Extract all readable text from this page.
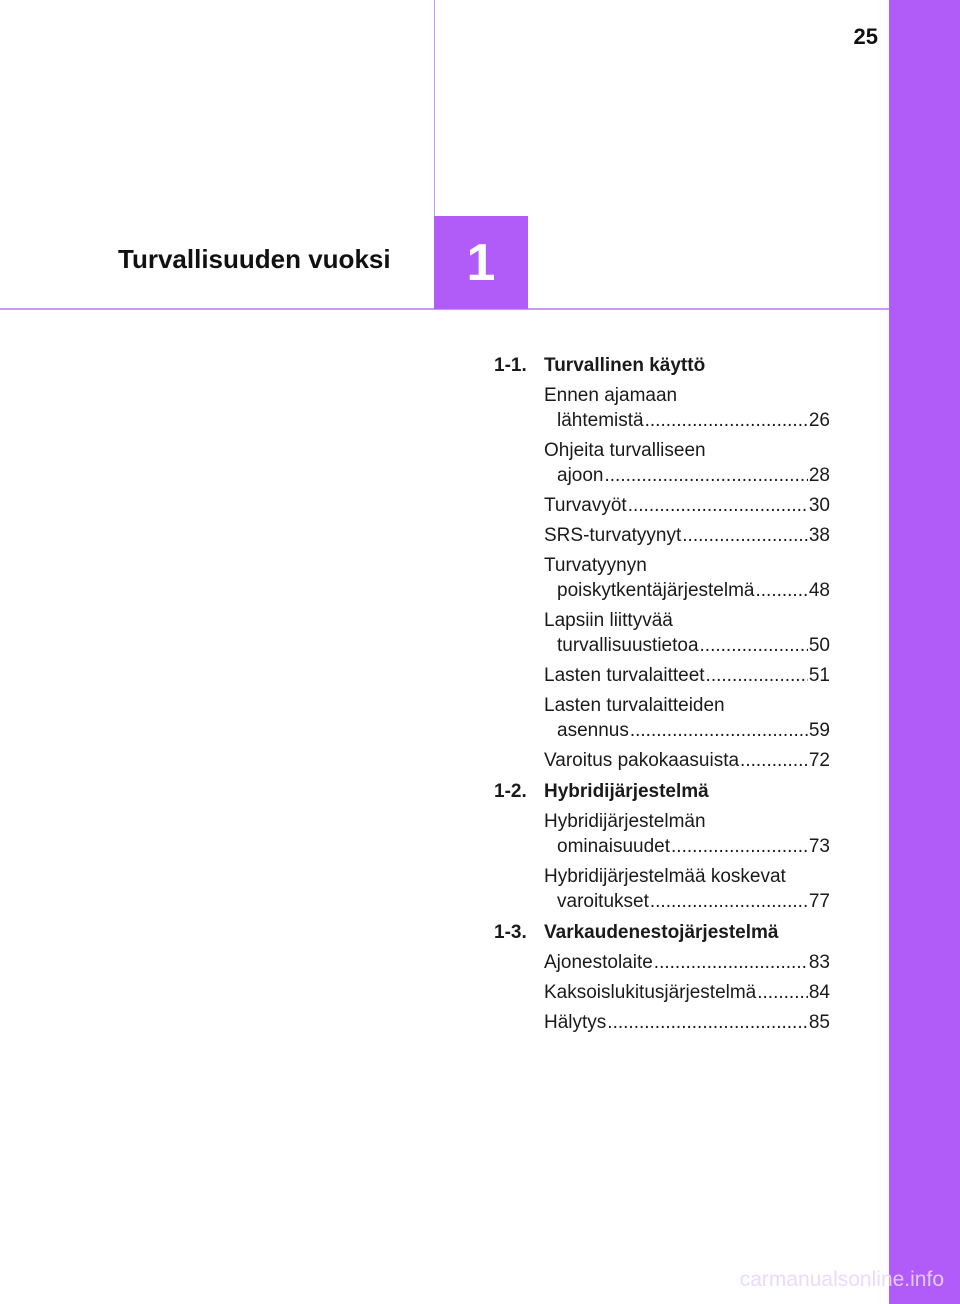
25
Turvallisuuden vuoksi 1
1-1. Turvallinen käyttö
Ennen ajamaan
lähtemistä .....	26
Ohjeita turvalliseen
ajoon .....	28
Turvavyöt .....	30
SRS-turvatyynyt .....	38
Turvatyynyn
poiskytkentäjärjestelmä .....	48
Lapsiin liittyvää
turvallisuustietoa .....	50
Lasten turvalaitteet .....	51
Lasten turvalaitteiden
asennus .....	59
Varoitus pakokaasuista .....	72
1-2. Hybridijärjestelmä
Hybridijärjestelmän
ominaisuudet .....	73
Hybridijärjestelmää koskevat
varoitukset .....	77
1-3. Varkaudenestojärjestelmä
Ajonestolaite .....	83
Kaksoislukitusjärjestelmä .....	84
Hälytys .....	85
carmanualsonline.info
